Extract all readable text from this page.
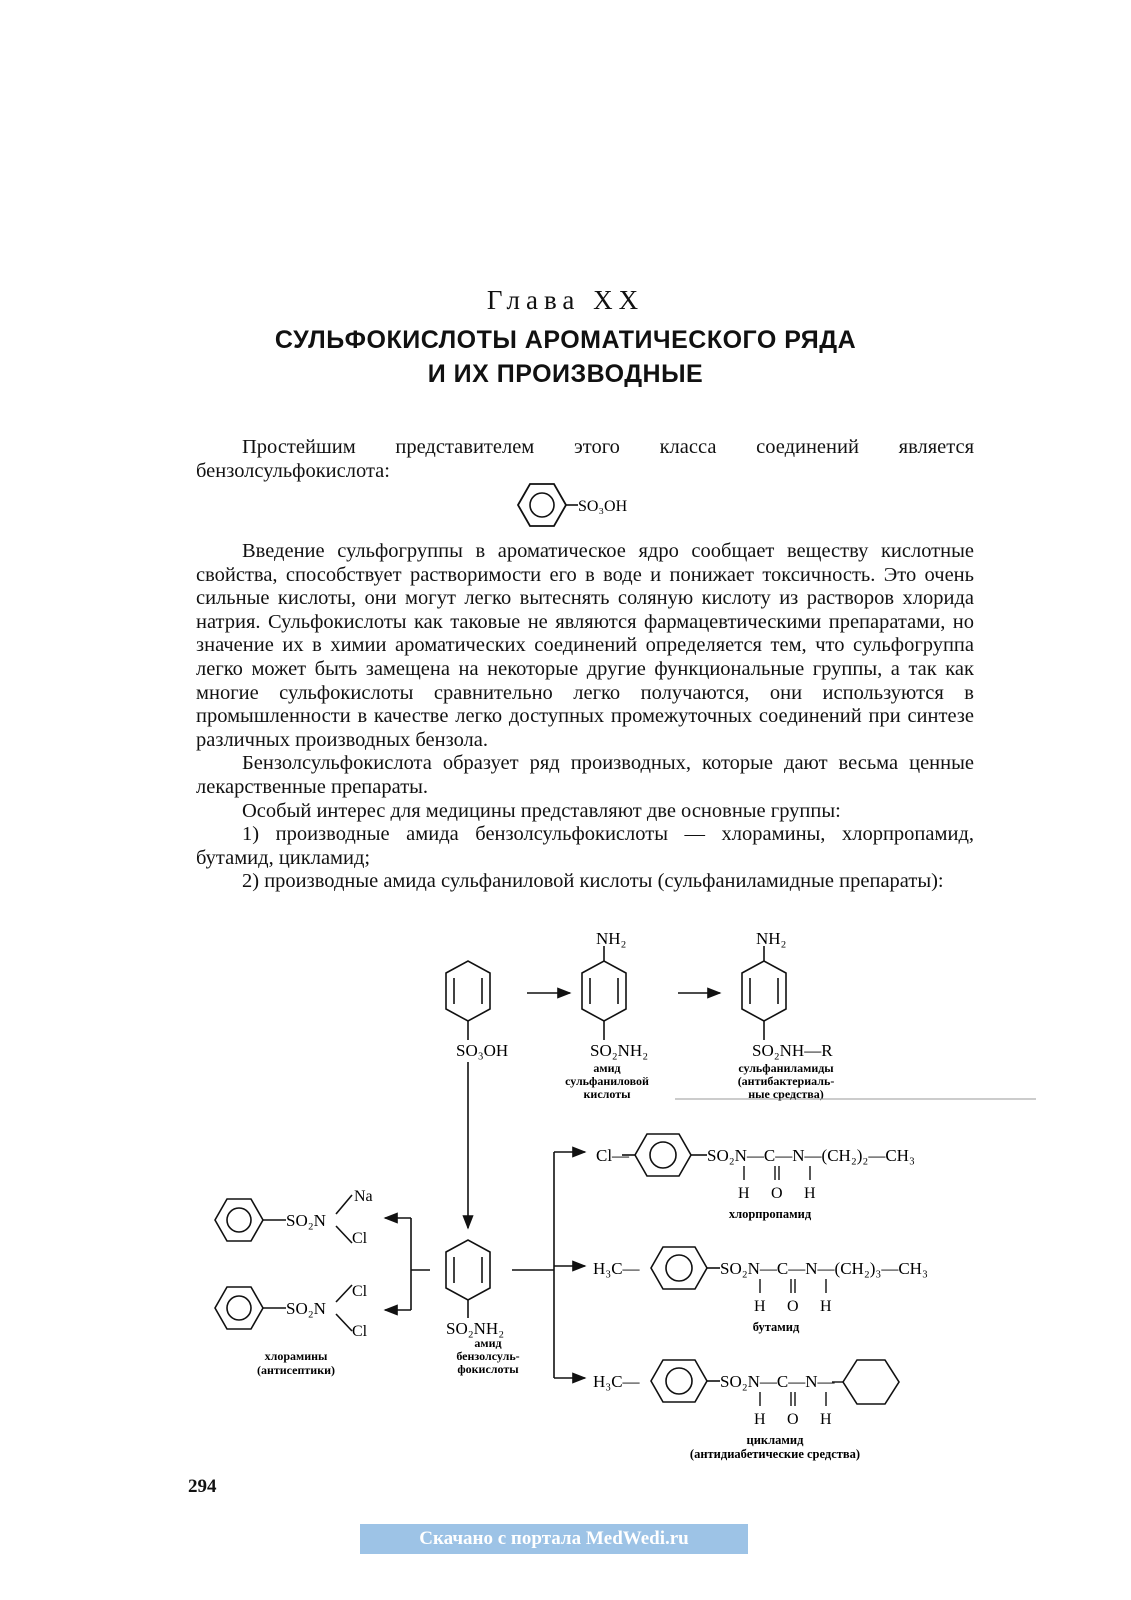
Глава XX
СУЛЬФОКИСЛОТЫ АРОМАТИЧЕСКОГО РЯДА
И ИХ ПРОИЗВОДНЫЕ

Простейшим представителем этого класса соединений является бензолсульфокислота:

SO₃OH

Введение сульфогруппы в ароматическое ядро сообщает веществу кислотные свойства, способствует растворимости его в воде и понижает токсичность. Это очень сильные кислоты, они могут легко вытеснять соляную кислоту из растворов хлорида натрия. Сульфокислоты как таковые не являются фармацевтическими препаратами, но значение их в химии ароматических соединений определяется тем, что сульфогруппа легко может быть замещена на некоторые другие функциональные группы, а так как многие сульфокислоты сравнительно легко получаются, они используются в промышленности в качестве легко доступных промежуточных соединений при синтезе различных производных бензола.

Бензолсульфокислота образует ряд производных, которые дают весьма ценные лекарственные препараты.

Особый интерес для медицины представляют две основные группы:

1) производные амида бензолсульфокислоты — хлорамины, хлорпропамид, бутамид, цикламид;

2) производные амида сульфаниловой кислоты (сульфаниламидные препараты):

SO₃OH
NH₂
SO₂NH₂
NH₂
SO₂NH—R
амид
сульфаниловой
кислоты
сульфаниламиды
(антибактериаль-
ные средства)
SO₂NH₂
амид
бензолсуль-
фокислоты
хлорамины
(антисептики)
SO₂N
Na
Cl
SO₂N
Cl
Cl
Cl—	SO₂N—C—N—(CH₂)₂—CH₃
H O H
хлорпропамид
H₃C—	SO₂N—C—N—(CH₂)₃—CH₃
H O H
бутамид
H₃C—	SO₂N—C—N—
H O H
цикламид
(антидиабетические средства)
294
Скачано с портала MedWedi.ru
